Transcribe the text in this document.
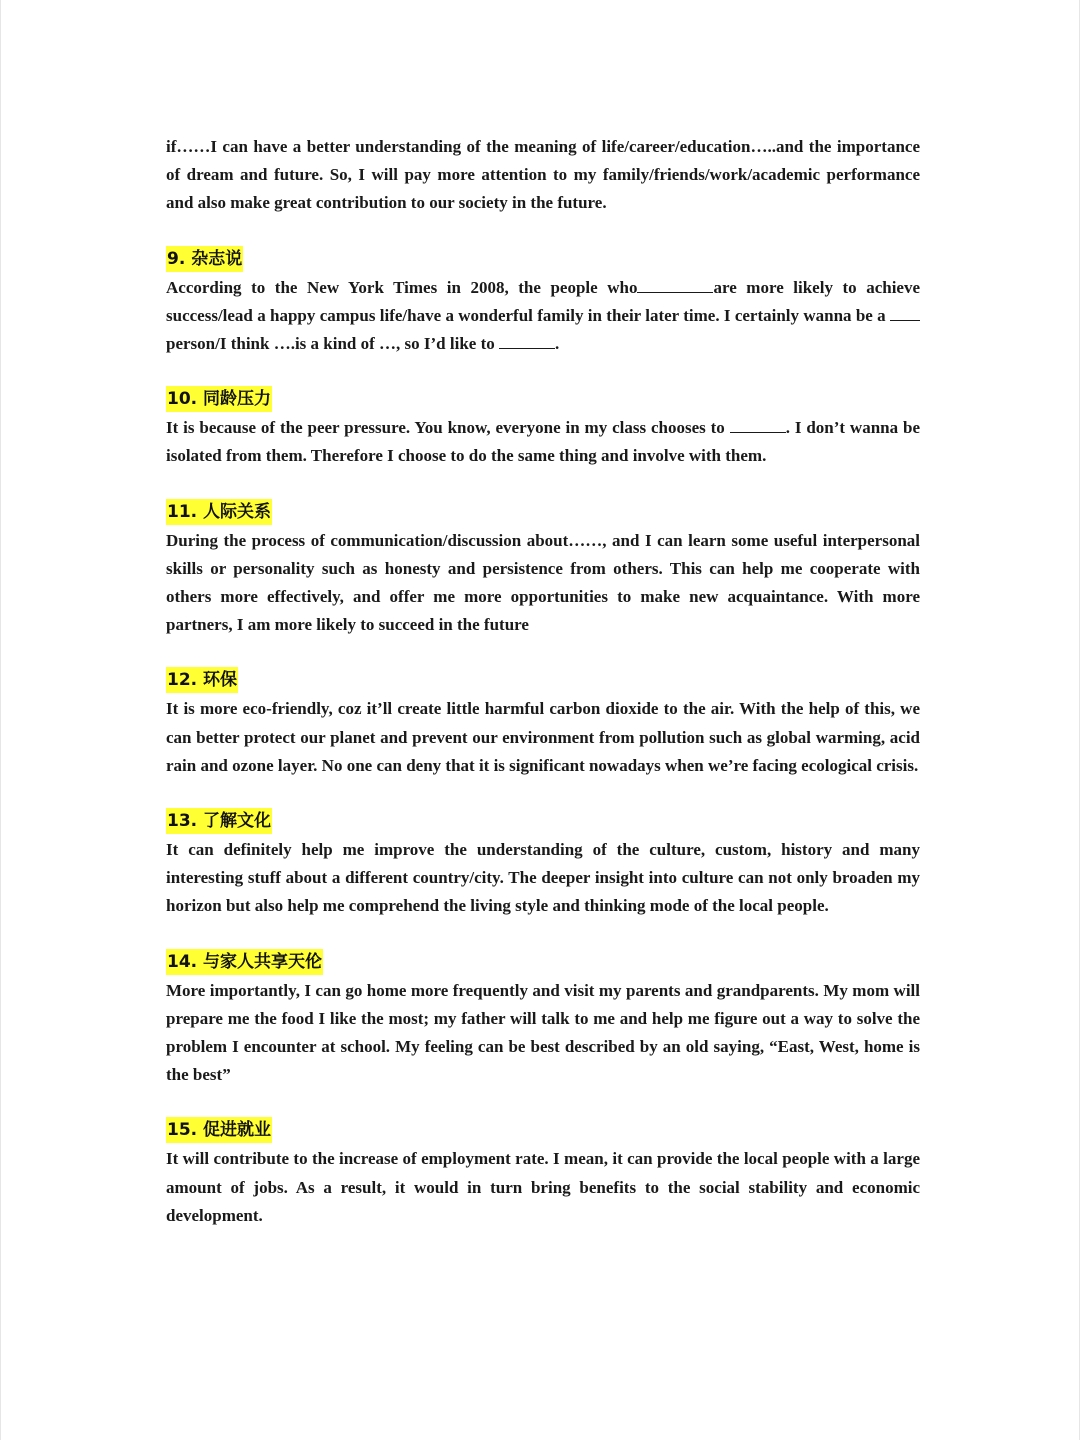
if……I can have a better understanding of the meaning of life/career/education…..and the importance of dream and future. So, I will pay more attention to my family/friends/work/academic performance and also make great contribution to our society in the future.

9. 杂志说

According to the New York Times in 2008, the people who	are more likely to achieve success/lead a happy campus life/have a wonderful family in their later time. I certainly wanna be a  person/I think ….is a kind of …, so I’d like to	.

10. 同龄压力

It is because of the peer pressure. You know, everyone in my class chooses to	. I don’t wanna be isolated from them. Therefore I choose to do the same thing and involve with them.

11. 人际关系

During the process of communication/discussion about……, and I can learn some useful interpersonal skills or personality such as honesty and persistence from others. This can help me cooperate with others more effectively, and offer me more opportunities to make new acquaintance. With more partners, I am more likely to succeed in the future

12. 环保

It is more eco-friendly, coz it’ll create little harmful carbon dioxide to the air. With the help of this, we can better protect our planet and prevent our environment from pollution such as global warming, acid rain and ozone layer. No one can deny that it is significant nowadays when we’re facing ecological crisis.

13. 了解文化

It can definitely help me improve the understanding of the culture, custom, history and many interesting stuff about a different country/city. The deeper insight into culture can not only broaden my horizon but also help me comprehend the living style and thinking mode of the local people.

14. 与家人共享天伦

More importantly, I can go home more frequently and visit my parents and grandparents. My mom will prepare me the food I like the most; my father will talk to me and help me figure out a way to solve the problem I encounter at school. My feeling can be best described by an old saying, “East, West, home is the best”

15. 促进就业

It will contribute to the increase of employment rate. I mean, it can provide the local people with a large amount of jobs. As a result, it would in turn bring benefits to the social stability and economic development.
